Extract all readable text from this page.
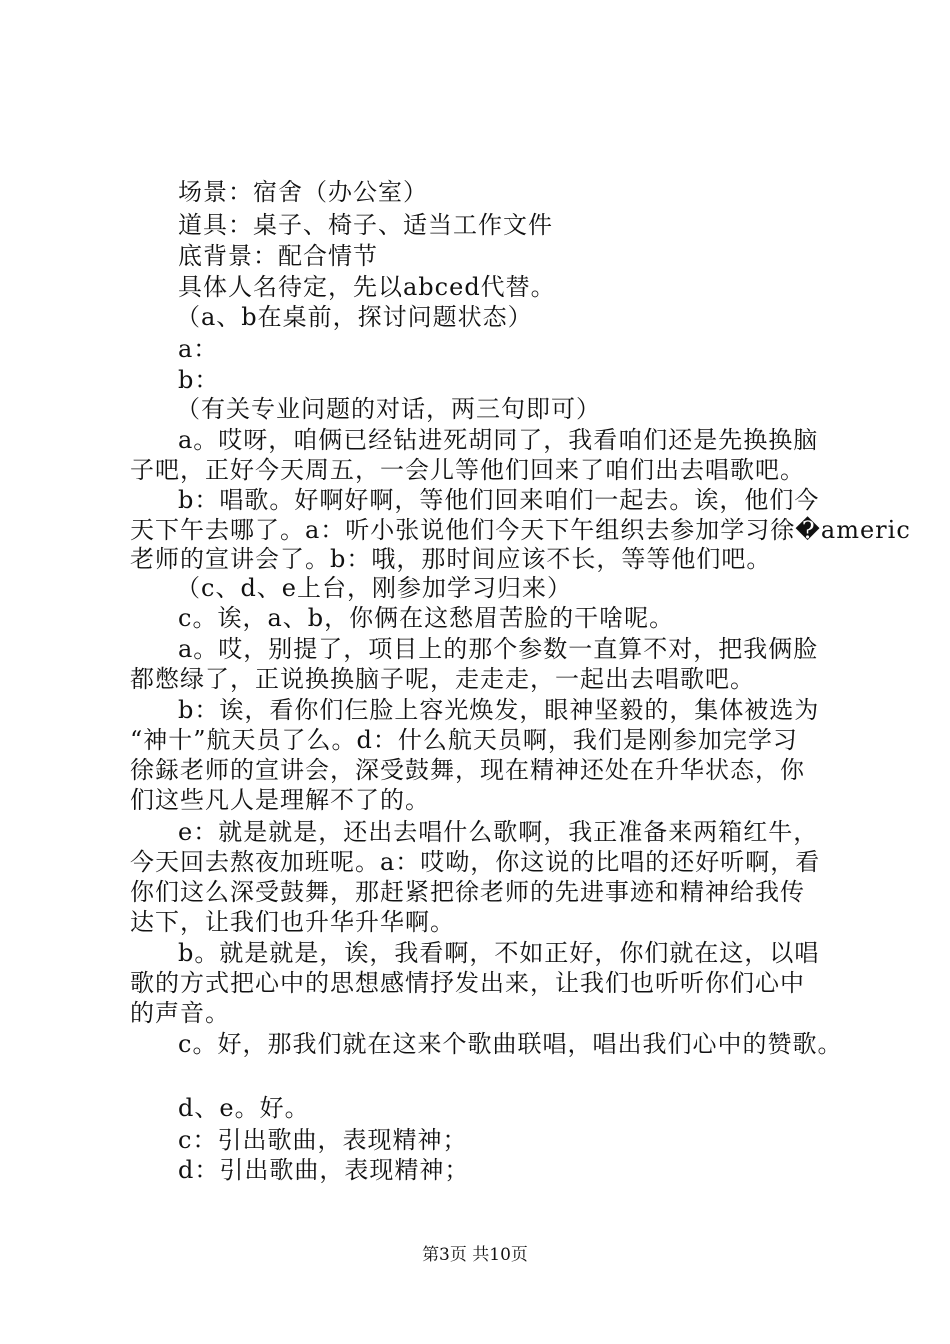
场景：宿舍（办公室）
道具：桌子、椅子、适当工作文件
底背景：配合情节
具体人名待定，先以abced代替。
（a、b在桌前，探讨问题状态）
a：
b：
（有关专业问题的对话，两三句即可）
a。哎呀，咱俩已经钻进死胡同了，我看咱们还是先换换脑
子吧，正好今天周五，一会儿等他们回来了咱们出去唱歌吧。
b：唱歌。好啊好啊，等他们回来咱们一起去。诶，他们今
天下午去哪了。a：听小张说他们今天下午组织去参加学习徐�americ
老师的宣讲会了。b：哦，那时间应该不长，等等他们吧。
（c、d、e上台，刚参加学习归来）
c。诶，a、b，你俩在这愁眉苦脸的干啥呢。
a。哎，别提了，项目上的那个参数一直算不对，把我俩脸
都憋绿了，正说换换脑子呢，走走走，一起出去唱歌吧。
b：诶，看你们仨脸上容光焕发，眼神坚毅的，集体被选为
“神十”航天员了么。d：什么航天员啊，我们是刚参加完学习
徐銾老师的宣讲会，深受鼓舞，现在精神还处在升华状态，你
们这些凡人是理解不了的。
e：就是就是，还出去唱什么歌啊，我正准备来两箱红牛，
今天回去熬夜加班呢。a：哎呦，你这说的比唱的还好听啊，看
你们这么深受鼓舞，那赶紧把徐老师的先进事迹和精神给我传
达下，让我们也升华升华啊。
b。就是就是，诶，我看啊，不如正好，你们就在这，以唱
歌的方式把心中的思想感情抒发出来，让我们也听听你们心中
的声音。
c。好，那我们就在这来个歌曲联唱，唱出我们心中的赞歌。
d、e。好。
c：引出歌曲，表现精神；
d：引出歌曲，表现精神；
第3页 共10页
